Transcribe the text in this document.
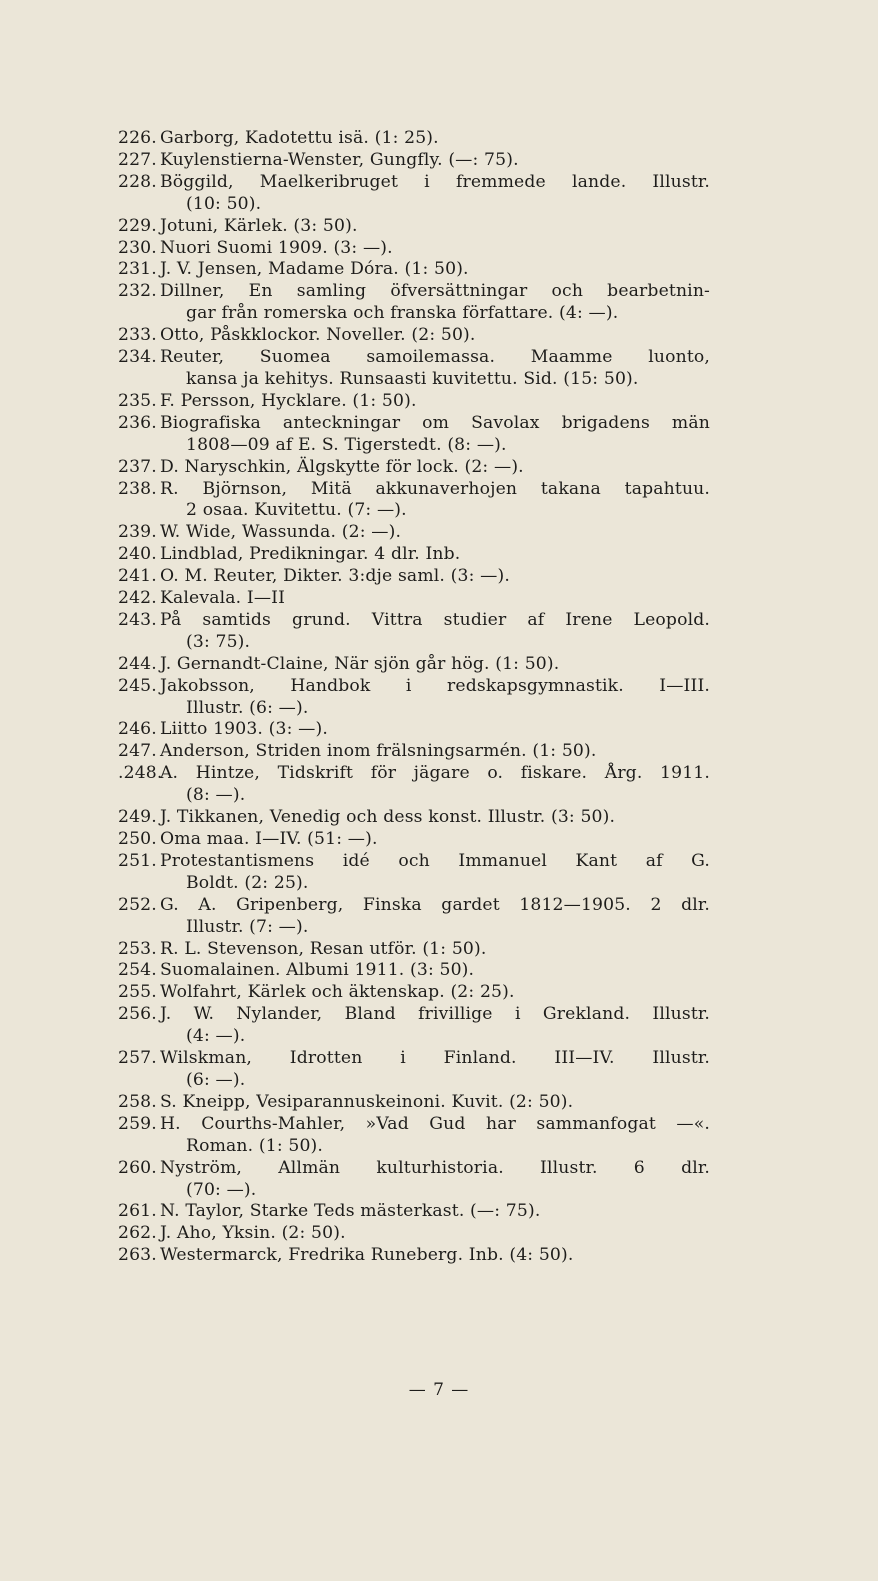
226. Garborg, Kadotettu isä. (1: 25).
227. Kuylenstierna-Wenster, Gungfly. (—: 75).
228. Böggild, Maelkeribruget i fremmede lande. Illustr.
(10: 50).
229. Jotuni, Kärlek. (3: 50).
230. Nuori Suomi 1909. (3: —).
231. J. V. Jensen, Madame Dóra. (1: 50).
232. Dillner, En samling öfversättningar och bearbetnin-
gar från romerska och franska författare. (4: —).
233. Otto, Påskklockor. Noveller. (2: 50).
234. Reuter, Suomea samoilemassa. Maamme luonto,
kansa ja kehitys. Runsaasti kuvitettu. Sid. (15: 50).
235. F. Persson, Hycklare. (1: 50).
236. Biografiska anteckningar om Savolax brigadens män
1808—09 af E. S. Tigerstedt. (8: —).
237. D. Naryschkin, Älgskytte för lock. (2: —).
238. R. Björnson, Mitä akkunaverhojen takana tapahtuu.
2 osaa. Kuvitettu. (7: —).
239. W. Wide, Wassunda. (2: —).
240. Lindblad, Predikningar. 4 dlr. Inb.
241. O. M. Reuter, Dikter. 3:dje saml. (3: —).
242. Kalevala. I—II
243. På samtids grund. Vittra studier af Irene Leopold.
(3: 75).
244. J. Gernandt-Claine, När sjön går hög. (1: 50).
245. Jakobsson, Handbok i redskapsgymnastik. I—III.
Illustr. (6: —).
246. Liitto 1903. (3: —).
247. Anderson, Striden inom frälsningsarmén. (1: 50).
.248.
A. Hintze, Tidskrift för jägare o. fiskare. Årg. 1911.
(8: —).
249. J. Tikkanen, Venedig och dess konst. Illustr. (3: 50).
250. Oma maa. I—IV. (51: —).
251. Protestantismens idé och Immanuel Kant af G.
Boldt. (2: 25).
252. G. A. Gripenberg, Finska gardet 1812—1905. 2 dlr.
Illustr. (7: —).
253. R. L. Stevenson, Resan utför. (1: 50).
254. Suomalainen. Albumi 1911. (3: 50).
255. Wolfahrt, Kärlek och äktenskap. (2: 25).
256. J. W. Nylander, Bland frivillige i Grekland. Illustr.
(4: —).
257. Wilskman, Idrotten i Finland. III—IV. Illustr.
(6: —).
258. S. Kneipp, Vesiparannuskeinoni. Kuvit. (2: 50).
259. H. Courths-Mahler, »Vad Gud har sammanfogat —«.
Roman. (1: 50).
260. Nyström, Allmän kulturhistoria. Illustr. 6 dlr.
(70: —).
261. N. Taylor, Starke Teds mästerkast. (—: 75).
262. J. Aho, Yksin. (2: 50).
263. Westermarck, Fredrika Runeberg. Inb. (4: 50).
— 7 —
